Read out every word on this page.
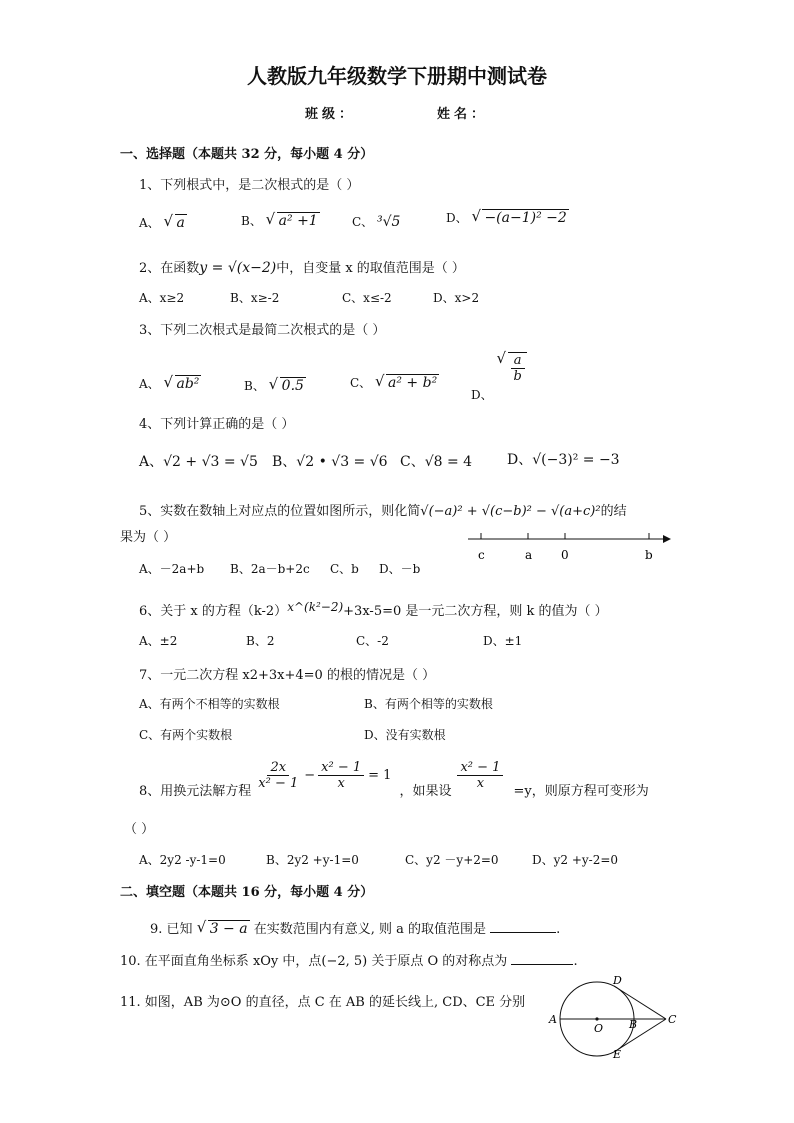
人教版九年级数学下册期中测试卷
班级：	姓名：
一、选择题（本题共 32 分，每小题 4 分）
1、下列根式中，是二次根式的是（ ）
A、 √ a	B、 √ a² +1	C、 ³√5	D、 √ −(a−1)² −2
2、在函数y = √(x−2)中，自变量 x 的取值范围是（ ）
A、x≥2	B、x≥-2	C、x≤-2	D、x>2
3、下列二次根式是最简二次根式的是（ ）
A、 √ ab²	B、 √ 0.5	C、 √ a² + b²
D、
√ $\frac{a}{b}$
4、下列计算正确的是（ ）
A、√2 + √3 = √5 B、√2 • √3 = √6 C、√8 = 4 D、√(−3)² = −3
5、实数在数轴上对应点的位置如图所示，则化简√(−a)² + √(c−b)² − √(a+c)²的结
果为（ ）
c	a 0	b
A、－2a+b B、2a－b+2c C、b D、－b
6、关于 x 的方程（k-2）x^(k²−2)+3x-5=0 是一元二次方程，则 k 的值为（ ）
A、±2	B、2	C、-2	D、±1
7、一元二次方程 x2+3x+4=0 的根的情况是（ ）
A、有两个不相等的实数根	B、有两个相等的实数根
C、有两个实数根	D、没有实数根
8、用换元法解方程
$\frac{2x}{\text{x² − 1}} - \frac{\text{x² − 1}}{x} = 1$
，如果设
$\frac{\text{x² − 1}}{x}$
=y，则原方程可变形为
（ ）
A、2y2 -y-1=0	B、2y2 +y-1=0	C、y2 －y+2=0	D、y2 +y-2=0
二、填空题（本题共 16 分，每小题 4 分）
9. 已知 √ 3 − a 在实数范围内有意义, 则 a 的取值范围是	.
10. 在平面直角坐标系 xOy 中，点(−2, 5) 关于原点 O 的对称点为	.
11. 如图，AB 为⊙O 的直径，点 C 在 AB 的延长线上, CD、CE 分别
A
O B	C
D
E
